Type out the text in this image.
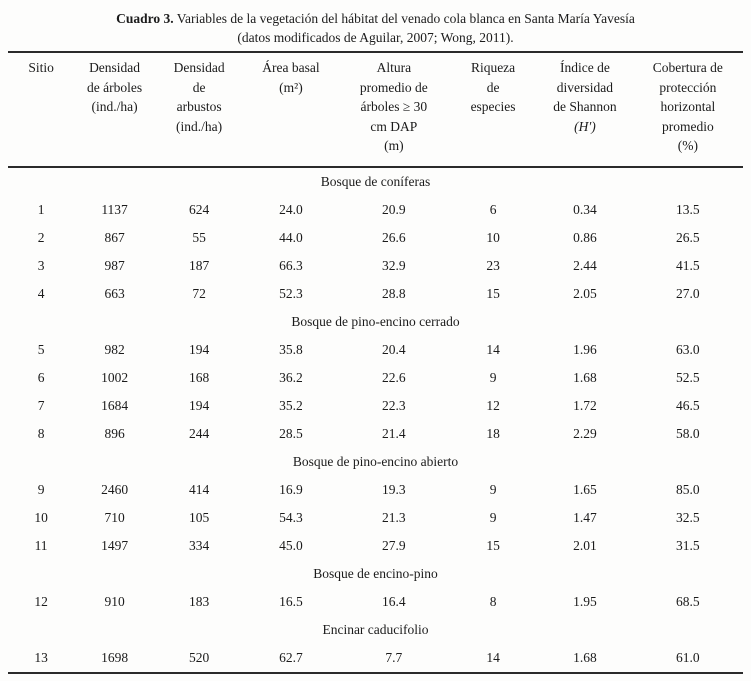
Cuadro 3. Variables de la vegetación del hábitat del venado cola blanca en Santa María Yavesía
(datos modificados de Aguilar, 2007; Wong, 2011).
Sitio	Densidad
de árboles
(ind./ha)	Densidad
de
arbustos
(ind./ha)	Área basal
(m²)	Altura
promedio de
árboles ≥ 30
cm DAP
(m)	Riqueza
de
especies	Índice de
diversidad
de Shannon
(H′)	Cobertura de
protección
horizontal
promedio
(%)
Bosque de coníferas							
1	1137	624	24.0	20.9	6	0.34	13.5
2	867	55	44.0	26.6	10	0.86	26.5
3	987	187	66.3	32.9	23	2.44	41.5
4	663	72	52.3	28.8	15	2.05	27.0
Bosque de pino-encino cerrado							
5	982	194	35.8	20.4	14	1.96	63.0
6	1002	168	36.2	22.6	9	1.68	52.5
7	1684	194	35.2	22.3	12	1.72	46.5
8	896	244	28.5	21.4	18	2.29	58.0
Bosque de pino-encino abierto							
9	2460	414	16.9	19.3	9	1.65	85.0
10	710	105	54.3	21.3	9	1.47	32.5
11	1497	334	45.0	27.9	15	2.01	31.5
Bosque de encino-pino							
12	910	183	16.5	16.4	8	1.95	68.5
Encinar caducifolio							
13	1698	520	62.7	7.7	14	1.68	61.0
